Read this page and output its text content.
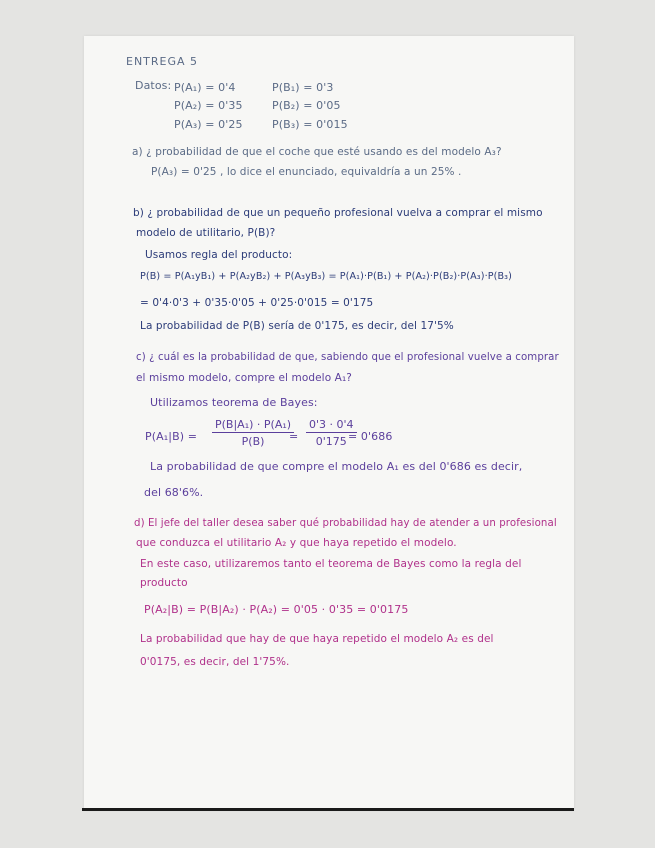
ENTREGA 5
Datos: P(A₁) = 0'4
P(A₂) = 0'35
P(A₃) = 0'25
P(B₁) = 0'3
P(B₂) = 0'05
P(B₃) = 0'015
a) ¿ probabilidad de que el coche que esté usando es del modelo A₃?
P(A₃) = 0'25 , lo dice el enunciado, equivaldría a un 25% .
b) ¿ probabilidad de que un pequeño profesional vuelva a comprar el mismo
modelo de utilitario, P(B)?
Usamos regla del producto:
P(B) = P(A₁yB₁) + P(A₂yB₂) + P(A₃yB₃) = P(A₁)·P(B₁) + P(A₂)·P(B₂)·P(A₃)·P(B₃)
= 0'4·0'3 + 0'35·0'05 + 0'25·0'015 = 0'175
La probabilidad de P(B) sería de 0'175, es decir, del 17'5%
c) ¿ cuál es la probabilidad de que, sabiendo que el profesional vuelve a comprar
el mismo modelo, compre el modelo A₁?
Utilizamos teorema de Bayes:
$P(A_1|B) = \frac{\text{P(B|A₁) · P(A₁)}}{P(B)}$
= $\frac{0'3 \cdot 0'4}{0'175}$
= 0'686
La probabilidad de que compre el modelo A₁ es del 0'686 es decir,
del 68'6%.
d) El jefe del taller desea saber qué probabilidad hay de atender a un profesional
que conduzca el utilitario A₂ y que haya repetido el modelo.
En este caso, utilizaremos tanto el teorema de Bayes como la regla del
producto
P(A₂|B) = P(B|A₂) · P(A₂) = 0'05 · 0'35 = 0'0175
La probabilidad que hay de que haya repetido el modelo A₂ es del
0'0175, es decir, del 1'75%.
